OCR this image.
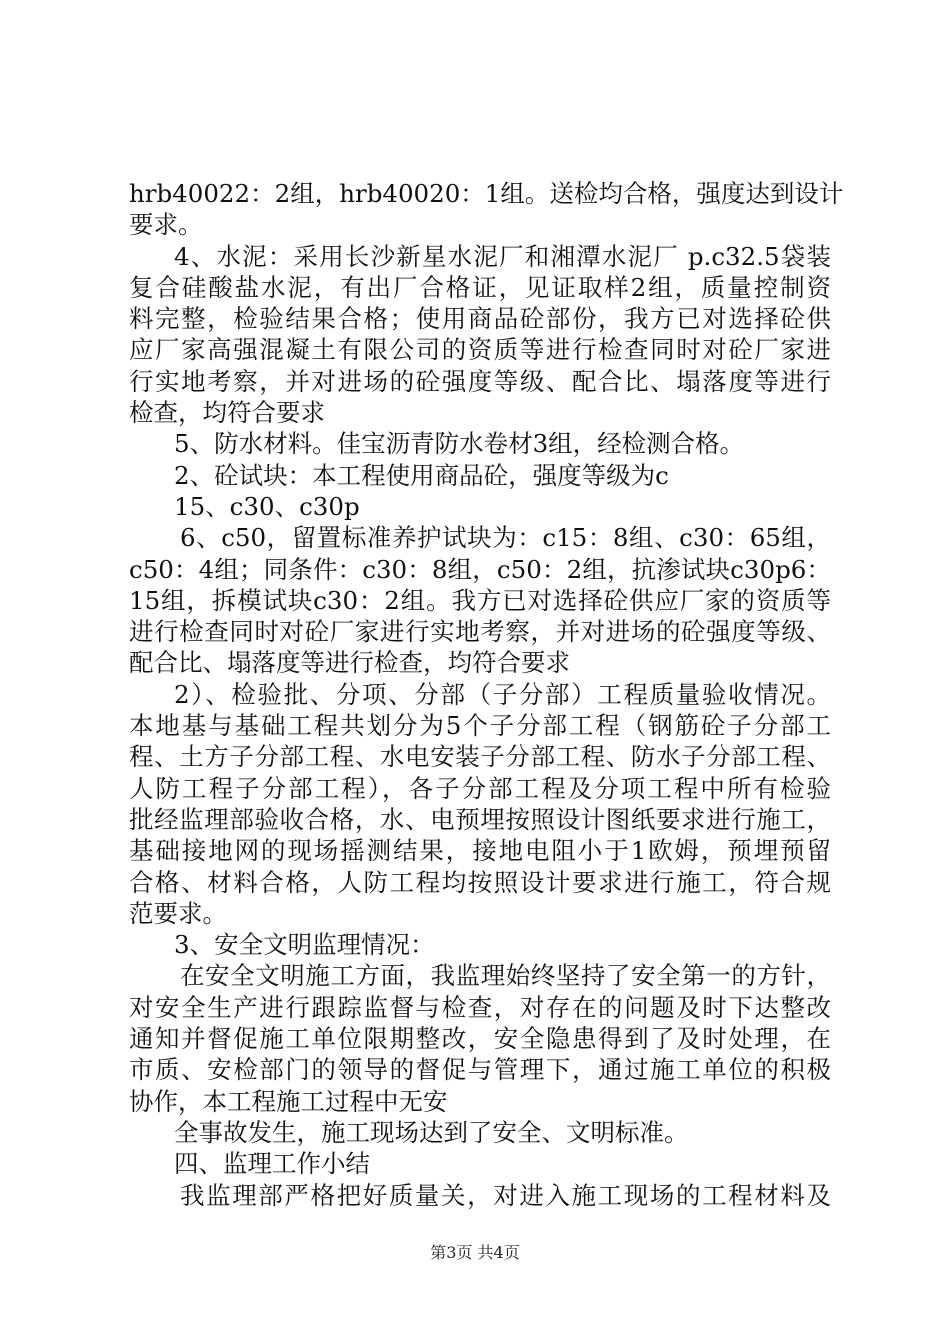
hrb40022：2组，hrb40020：1组。送检均合格，强度达到设计
要求。
4、水泥：采用长沙新星水泥厂和湘潭水泥厂 p.c32.5袋装
复合硅酸盐水泥，有出厂合格证，见证取样2组，质量控制资
料完整，检验结果合格；使用商品砼部份，我方已对选择砼供
应厂家高强混凝土有限公司的资质等进行检查同时对砼厂家进
行实地考察，并对进场的砼强度等级、配合比、塌落度等进行
检查，均符合要求
5、防水材料。佳宝沥青防水卷材3组，经检测合格。
2、砼试块：本工程使用商品砼，强度等级为c
15、c30、c30p
6、c50，留置标准养护试块为：c15：8组、c30：65组，
c50：4组；同条件：c30：8组，c50：2组，抗渗试块c30p6：
15组，拆模试块c30：2组。我方已对选择砼供应厂家的资质等
进行检查同时对砼厂家进行实地考察，并对进场的砼强度等级、
配合比、塌落度等进行检查，均符合要求
2）、检验批、分项、分部（子分部）工程质量验收情况。
本地基与基础工程共划分为5个子分部工程（钢筋砼子分部工
程、土方子分部工程、水电安装子分部工程、防水子分部工程、
人防工程子分部工程），各子分部工程及分项工程中所有检验
批经监理部验收合格，水、电预埋按照设计图纸要求进行施工，
基础接地网的现场摇测结果，接地电阻小于1欧姆，预埋预留
合格、材料合格，人防工程均按照设计要求进行施工，符合规
范要求。
3、安全文明监理情况：
在安全文明施工方面，我监理始终坚持了安全第一的方针，
对安全生产进行跟踪监督与检查，对存在的问题及时下达整改
通知并督促施工单位限期整改，安全隐患得到了及时处理，在
市质、安检部门的领导的督促与管理下，通过施工单位的积极
协作，本工程施工过程中无安
全事故发生，施工现场达到了安全、文明标准。
四、监理工作小结
我监理部严格把好质量关，对进入施工现场的工程材料及
第3页 共4页
